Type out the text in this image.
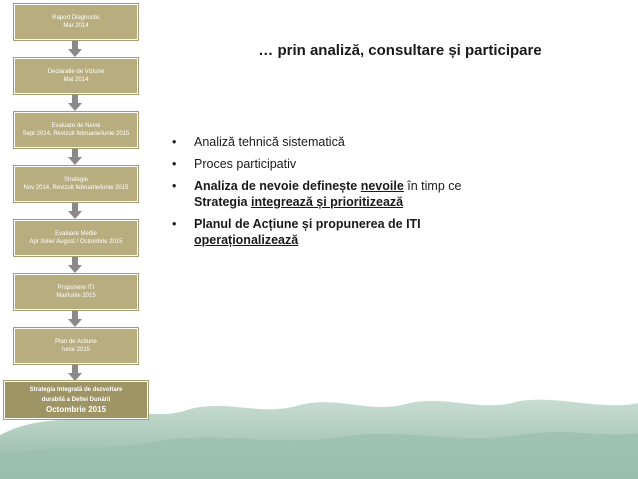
Raport Diagnostic
Mar 2014
Declaratie de Viziune
Mai 2014
Evaluare de Nevoi
Sept 2014, Revizuit februarie/iunie 2015
Strategie
Nov 2014, Revizuit februarie/iunie 2015
Evaluare Medie
Apr /Iulie/ August / Octombrie 2015
Propunere ITI
Mai/Iunie 2015
Plan de Actiune
Iunie 2015
Strategia Integrată de dezvoltare
durabilă a Deltei Dunării
Octombrie 2015
… prin analiză, consultare și participare
• Analiză tehnică sistematică
• Proces participativ
• Analiza de nevoie definește nevoile în timp ce
Strategia integrează și prioritizează
• Planul de Acțiune și propunerea de ITI
operaționalizează
